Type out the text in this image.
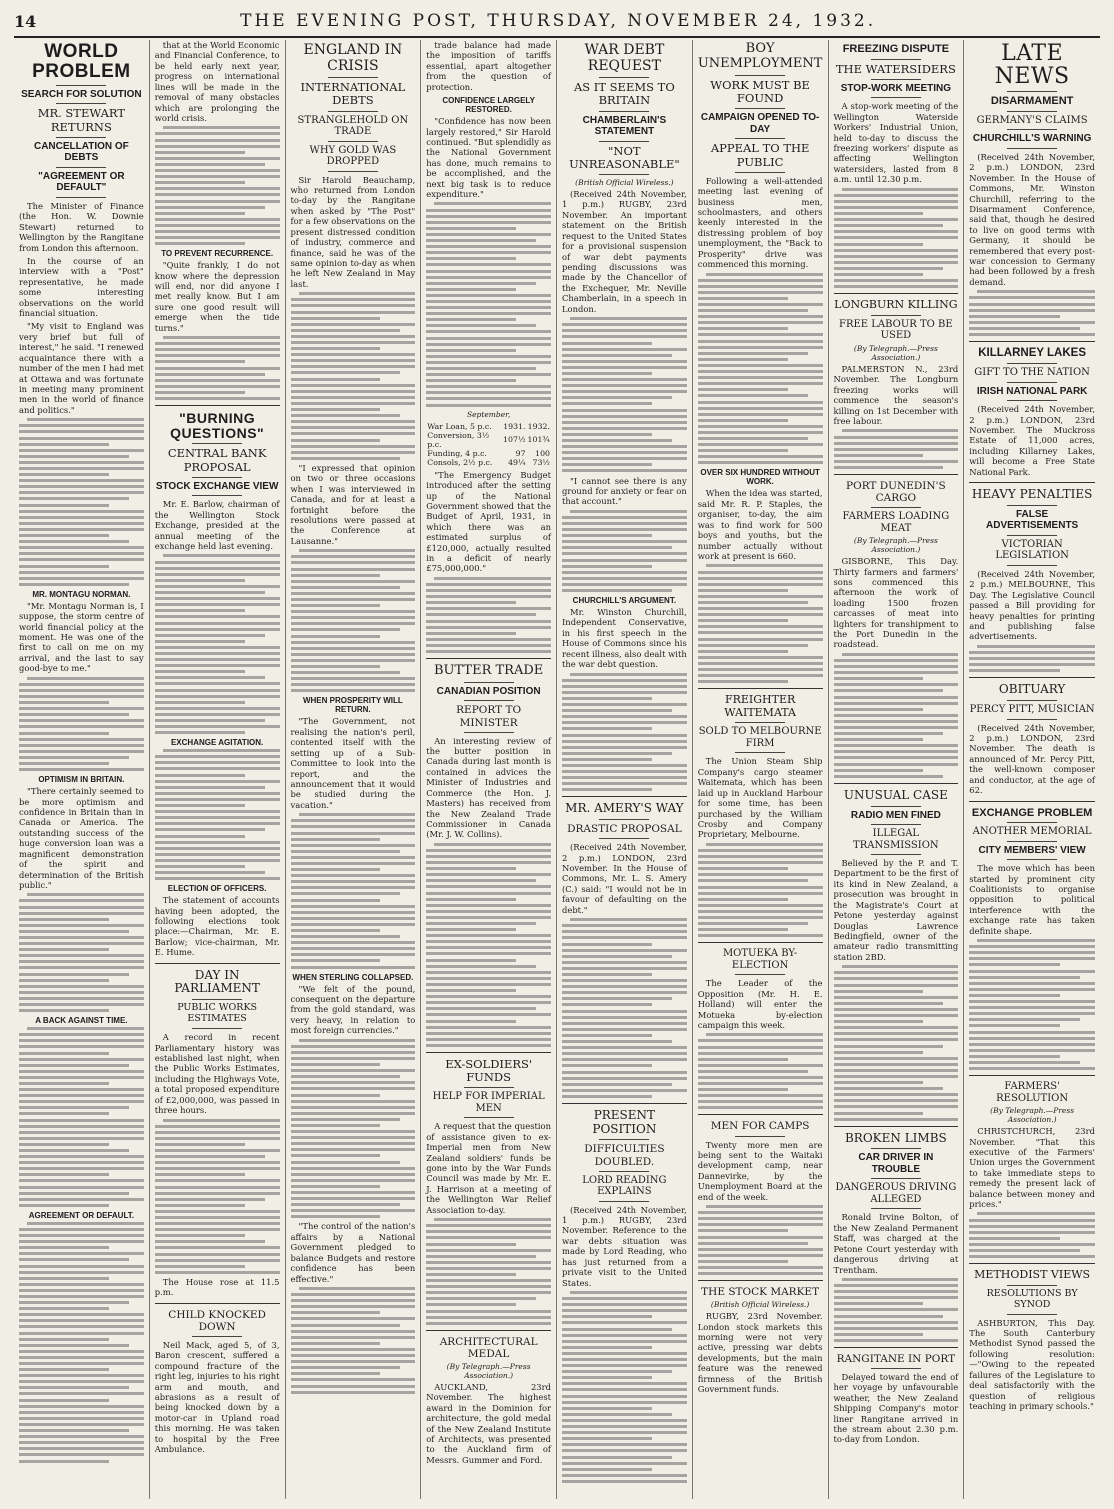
14	THE EVENING POST, THURSDAY, NOVEMBER 24, 1932.
WORLD PROBLEM
SEARCH FOR SOLUTION
MR. STEWART RETURNS
CANCELLATION OF DEBTS
"AGREEMENT OR DEFAULT"

The Minister of Finance (the Hon. W. Downie Stewart) returned to Wellington by the Rangitane from London this afternoon.

In the course of an interview with a "Post" representative, he made some interesting observations on the world financial situation.

"My visit to England was very brief but full of interest," he said. "I renewed acquaintance there with a number of the men I had met at Ottawa and was fortunate in meeting many prominent men in the world of finance and politics."

MR. MONTAGU NORMAN.

"Mr. Montagu Norman is, I suppose, the storm centre of world financial policy at the moment. He was one of the first to call on me on my arrival, and the last to say good-bye to me."

OPTIMISM IN BRITAIN.

"There certainly seemed to be more optimism and confidence in Britain than in Canada or America. The outstanding success of the huge conversion loan was a magnificent demonstration of the spirit and determination of the British public."

A BACK AGAINST TIME.
AGREEMENT OR DEFAULT.

that at the World Economic and Financial Conference, to be held early next year, progress on international lines will be made in the removal of many obstacles which are prolonging the world crisis.

TO PREVENT RECURRENCE.

"Quite frankly, I do not know where the depression will end, nor did anyone I met really know. But I am sure one good result will emerge when the tide turns."

"BURNING QUESTIONS"
CENTRAL BANK PROPOSAL
STOCK EXCHANGE VIEW

Mr. E. Barlow, chairman of the Wellington Stock Exchange, presided at the annual meeting of the exchange held last evening.

EXCHANGE AGITATION.
ELECTION OF OFFICERS.

The statement of accounts having been adopted, the following elections took place:—Chairman, Mr. E. Barlow; vice-chairman, Mr. E. Hume.

DAY IN PARLIAMENT
PUBLIC WORKS ESTIMATES

A record in recent Parliamentary history was established last night, when the Public Works Estimates, including the Highways Vote, a total proposed expenditure of £2,000,000, was passed in three hours.

The House rose at 11.5 p.m.

CHILD KNOCKED DOWN

Neil Mack, aged 5, of 3, Baron crescent, suffered a compound fracture of the right leg, injuries to his right arm and mouth, and abrasions as a result of being knocked down by a motor-car in Upland road this morning. He was taken to hospital by the Free Ambulance.

ENGLAND IN CRISIS
INTERNATIONAL DEBTS
STRANGLEHOLD ON TRADE
WHY GOLD WAS DROPPED

Sir Harold Beauchamp, who returned from London to-day by the Rangitane when asked by "The Post" for a few observations on the present distressed condition of industry, commerce and finance, said he was of the same opinion to-day as when he left New Zealand in May last.

"I expressed that opinion on two or three occasions when I was interviewed in Canada, and for at least a fortnight before the resolutions were passed at the Conference at Lausanne."

WHEN PROSPERITY WILL RETURN.

"The Government, not realising the nation's peril, contented itself with the setting up of a Sub-Committee to look into the report, and the announcement that it would be studied during the vacation."

WHEN STERLING COLLAPSED.

"We felt of the pound, consequent on the departure from the gold standard, was very heavy, in relation to most foreign currencies."

"The control of the nation's affairs by a National Government pledged to balance Budgets and restore confidence has been effective."

trade balance had made the imposition of tariffs essential, apart altogether from the question of protection.

CONFIDENCE LARGELY RESTORED.

"Confidence has now been largely restored," Sir Harold continued. "But splendidly as the National Government has done, much remains to be accomplished, and the next big task is to reduce expenditure."

September,
War Loan, 5 p.c.	1931.	1932.
Conversion, 3½ p.c.	107½	101¾
Funding, 4 p.c.	97	100
Consols, 2½ p.c.	49¼	73½

"The Emergency Budget introduced after the setting up of the National Government showed that the Budget of April, 1931, in which there was an estimated surplus of £120,000, actually resulted in a deficit of nearly £75,000,000."

BUTTER TRADE
CANADIAN POSITION
REPORT TO MINISTER

An interesting review of the butter position in Canada during last month is contained in advices the Minister of Industries and Commerce (the Hon. J. Masters) has received from the New Zealand Trade Commissioner in Canada (Mr. J. W. Collins).

EX-SOLDIERS' FUNDS
HELP FOR IMPERIAL MEN

A request that the question of assistance given to ex-Imperial men from New Zealand soldiers' funds be gone into by the War Funds Council was made by Mr. E. J. Harrison at a meeting of the Wellington War Relief Association to-day.

ARCHITECTURAL MEDAL
(By Telegraph.—Press Association.)

AUCKLAND, 23rd November. The highest award in the Dominion for architecture, the gold medal of the New Zealand Institute of Architects, was presented to the Auckland firm of Messrs. Gummer and Ford.

WAR DEBT REQUEST
AS IT SEEMS TO BRITAIN
CHAMBERLAIN'S STATEMENT
"NOT UNREASONABLE"
(British Official Wireless.)

(Received 24th November, 1 p.m.) RUGBY, 23rd November. An important statement on the British request to the United States for a provisional suspension of war debt payments pending discussions was made by the Chancellor of the Exchequer, Mr. Neville Chamberlain, in a speech in London.

"I cannot see there is any ground for anxiety or fear on that account."

CHURCHILL'S ARGUMENT.

Mr. Winston Churchill, Independent Conservative, in his first speech in the House of Commons since his recent illness, also dealt with the war debt question.

MR. AMERY'S WAY
DRASTIC PROPOSAL

(Received 24th November, 2 p.m.) LONDON, 23rd November. In the House of Commons, Mr. L. S. Amery (C.) said: "I would not be in favour of defaulting on the debt."

PRESENT POSITION
DIFFICULTIES DOUBLED.
LORD READING EXPLAINS

(Received 24th November, 1 p.m.) RUGBY, 23rd November. Reference to the war debts situation was made by Lord Reading, who has just returned from a private visit to the United States.

BOY UNEMPLOYMENT
WORK MUST BE FOUND
CAMPAIGN OPENED TO-DAY
APPEAL TO THE PUBLIC

Following a well-attended meeting last evening of business men, schoolmasters, and others keenly interested in the distressing problem of boy unemployment, the "Back to Prosperity" drive was commenced this morning.

OVER SIX HUNDRED WITHOUT WORK.

When the idea was started, said Mr. R. P. Staples, the organiser, to-day, the aim was to find work for 500 boys and youths, but the number actually without work at present is 660.

FREIGHTER WAITEMATA
SOLD TO MELBOURNE FIRM

The Union Steam Ship Company's cargo steamer Waitemata, which has been laid up in Auckland Harbour for some time, has been purchased by the William Crosby and Company Proprietary, Melbourne.

MOTUEKA BY-ELECTION

The Leader of the Opposition (Mr. H. E. Holland) will enter the Motueka by-election campaign this week.

MEN FOR CAMPS

Twenty more men are being sent to the Waitaki development camp, near Dannevirke, by the Unemployment Board at the end of the week.

THE STOCK MARKET
(British Official Wireless.)

RUGBY, 23rd November. London stock markets this morning were not very active, pressing war debts developments, but the main feature was the renewed firmness of the British Government funds.

FREEZING DISPUTE
THE WATERSIDERS
STOP-WORK MEETING

A stop-work meeting of the Wellington Waterside Workers' Industrial Union, held to-day to discuss the freezing workers' dispute as affecting Wellington watersiders, lasted from 8 a.m. until 12.30 p.m.

LONGBURN KILLING
FREE LABOUR TO BE USED
(By Telegraph.—Press Association.)

PALMERSTON N., 23rd November. The Longburn freezing works will commence the season's killing on 1st December with free labour.

PORT DUNEDIN'S CARGO
FARMERS LOADING MEAT
(By Telegraph.—Press Association.)

GISBORNE, This Day. Thirty farmers and farmers' sons commenced this afternoon the work of loading 1500 frozen carcasses of meat into lighters for transhipment to the Port Dunedin in the roadstead.

UNUSUAL CASE
RADIO MEN FINED
ILLEGAL TRANSMISSION

Believed by the P. and T. Department to be the first of its kind in New Zealand, a prosecution was brought in the Magistrate's Court at Petone yesterday against Douglas Lawrence Bedingfield, owner of the amateur radio transmitting station 2BD.

BROKEN LIMBS
CAR DRIVER IN TROUBLE
DANGEROUS DRIVING ALLEGED

Ronald Irvine Bolton, of the New Zealand Permanent Staff, was charged at the Petone Court yesterday with dangerous driving at Trentham.

RANGITANE IN PORT

Delayed toward the end of her voyage by unfavourable weather, the New Zealand Shipping Company's motor liner Rangitane arrived in the stream about 2.30 p.m. to-day from London.

LATE NEWS
DISARMAMENT
GERMANY'S CLAIMS
CHURCHILL'S WARNING

(Received 24th November, 2 p.m.) LONDON, 23rd November. In the House of Commons, Mr. Winston Churchill, referring to the Disarmament Conference, said that, though he desired to live on good terms with Germany, it should be remembered that every post-war concession to Germany had been followed by a fresh demand.

KILLARNEY LAKES
GIFT TO THE NATION
IRISH NATIONAL PARK

(Received 24th November, 2 p.m.) LONDON, 23rd November. The Muckross Estate of 11,000 acres, including Killarney Lakes, will become a Free State National Park.

HEAVY PENALTIES
FALSE ADVERTISEMENTS
VICTORIAN LEGISLATION

(Received 24th November, 2 p.m.) MELBOURNE, This Day. The Legislative Council passed a Bill providing for heavy penalties for printing and publishing false advertisements.

OBITUARY
PERCY PITT, MUSICIAN

(Received 24th November, 2 p.m.) LONDON, 23rd November. The death is announced of Mr. Percy Pitt, the well-known composer and conductor, at the age of 62.

EXCHANGE PROBLEM
ANOTHER MEMORIAL
CITY MEMBERS' VIEW

The move which has been started by prominent city Coalitionists to organise opposition to political interference with the exchange rate has taken definite shape.

FARMERS' RESOLUTION
(By Telegraph.—Press Association.)

CHRISTCHURCH, 23rd November. "That this executive of the Farmers' Union urges the Government to take immediate steps to remedy the present lack of balance between money and prices."

METHODIST VIEWS
RESOLUTIONS BY SYNOD

ASHBURTON, This Day. The South Canterbury Methodist Synod passed the following resolution:—"Owing to the repeated failures of the Legislature to deal satisfactorily with the question of religious teaching in primary schools."
